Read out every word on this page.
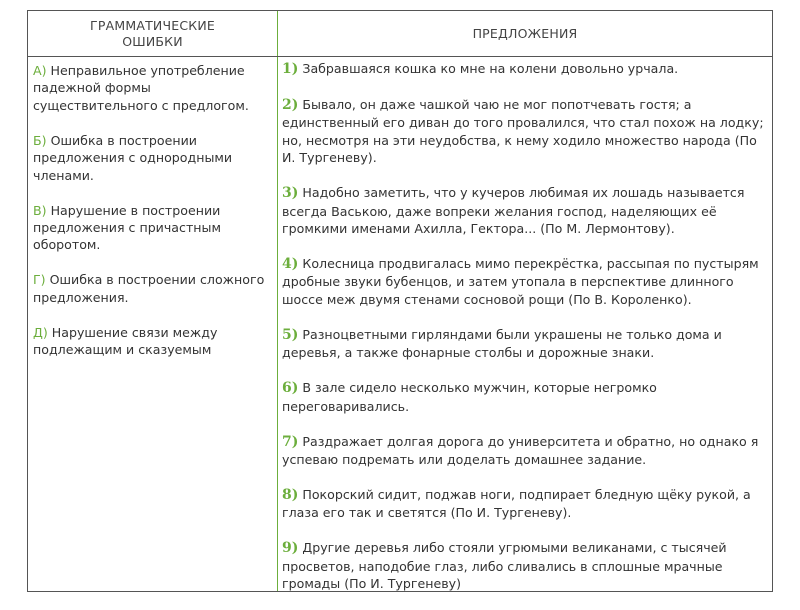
ГРАММАТИЧЕСКИЕ
ОШИБКИ
ПРЕДЛОЖЕНИЯ
А) Неправильное употребление падежной формы существительного с предлогом.
Б) Ошибка в построении предложения с однородными членами.
В) Нарушение в построении предложения с причастным оборотом.
Г) Ошибка в построении сложного предложения.
Д) Нарушение связи между подлежащим и сказуемым
1) Забравшаяся кошка ко мне на колени довольно урчала.
2) Бывало, он даже чашкой чаю не мог попотчевать гостя; а единственный его диван до того провалился, что стал похож на лодку; но, несмотря на эти неудобства, к нему ходило множество народа (По И. Тургеневу).
3) Надобно заметить, что у кучеров любимая их лошадь называется всегда Ваською, даже вопреки желания господ, наделяющих её громкими именами Ахилла, Гектора... (По М. Лермонтову).
4) Колесница продвигалась мимо перекрёстка, рассыпая по пустырям дробные звуки бубенцов, и затем утопала в перспективе длинного шоссе меж двумя стенами сосновой рощи (По В. Короленко).
5) Разноцветными гирляндами были украшены не только дома и деревья, а также фонарные столбы и дорожные знаки.
6) В зале сидело несколько мужчин, которые негромко переговаривались.
7) Раздражает долгая дорога до университета и обратно, но однако я успеваю подремать или доделать домашнее задание.
8) Покорский сидит, поджав ноги, подпирает бледную щёку рукой, а глаза его так и светятся (По И. Тургеневу).
9) Другие деревья либо стояли угрюмыми великанами, с тысячей просветов, наподобие глаз, либо сливались в сплошные мрачные громады (По И. Тургеневу)
